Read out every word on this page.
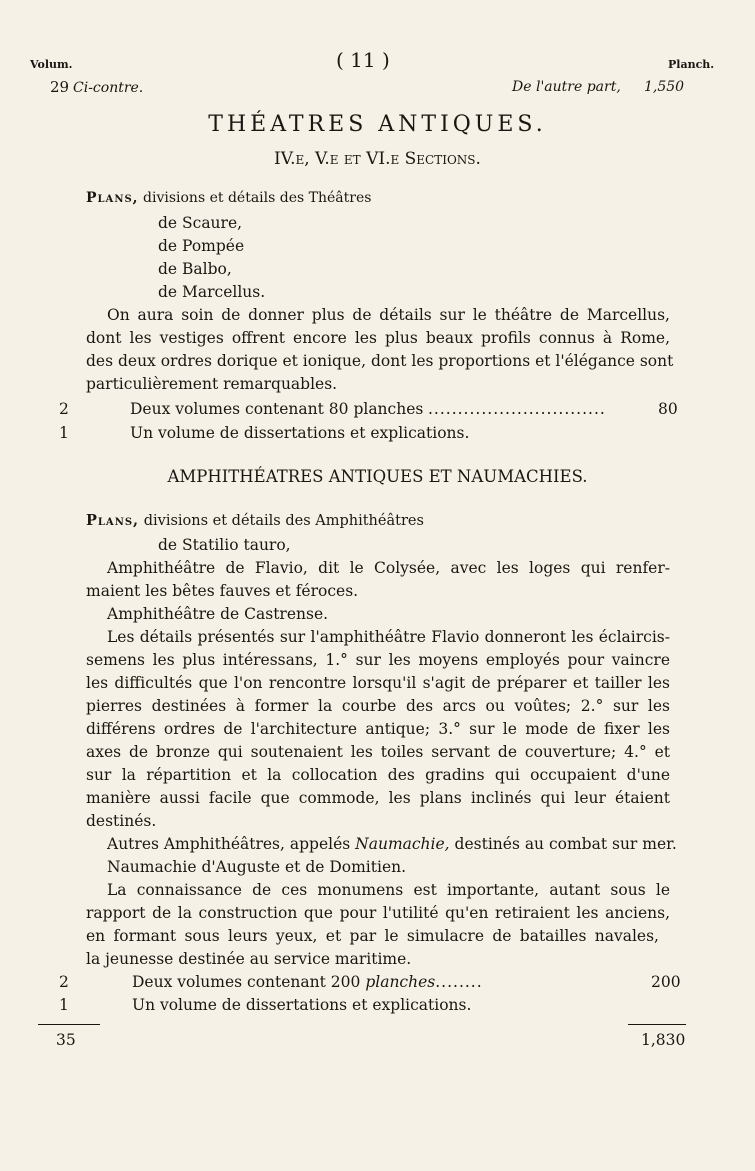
Volum.	( 11 )	Planch.
29 Ci-contre.	De l'autre part, 1,550
THÉATRES ANTIQUES.
IV.e, V.e et VI.e Sections.
Plans, divisions et détails des Théâtres
de Scaure,
de Pompée
de Balbo,
de Marcellus.
On aura soin de donner plus de détails sur le théâtre de Marcellus,
dont les vestiges offrent encore les plus beaux profils connus à Rome,
des deux ordres dorique et ionique, dont les proportions et l'élégance sont
particulièrement remarquables.
2	Deux volumes contenant 80 planches ..............................	80
1	Un volume de dissertations et explications.
AMPHITHÉATRES ANTIQUES ET NAUMACHIES.
Plans, divisions et détails des Amphithéâtres
de Statilio tauro,
Amphithéâtre de Flavio, dit le Colysée, avec les loges qui renfer-
maient les bêtes fauves et féroces.
Amphithéâtre de Castrense.
Les détails présentés sur l'amphithéâtre Flavio donneront les éclaircis-
semens les plus intéressans, 1.° sur les moyens employés pour vaincre
les difficultés que l'on rencontre lorsqu'il s'agit de préparer et tailler les
pierres destinées à former la courbe des arcs ou voûtes; 2.° sur les
différens ordres de l'architecture antique; 3.° sur le mode de fixer les
axes de bronze qui soutenaient les toiles servant de couverture; 4.° et
sur la répartition et la collocation des gradins qui occupaient d'une
manière aussi facile que commode, les plans inclinés qui leur étaient
destinés.
Autres Amphithéâtres, appelés Naumachie, destinés au combat sur mer.
Naumachie d'Auguste et de Domitien.
La connaissance de ces monumens est importante, autant sous le
rapport de la construction que pour l'utilité qu'en retiraient les anciens,
en formant sous leurs yeux, et par le simulacre de batailles navales,
la jeunesse destinée au service maritime.
2	Deux volumes contenant 200 planches........	200
1	Un volume de dissertations et explications.
35	1,830
